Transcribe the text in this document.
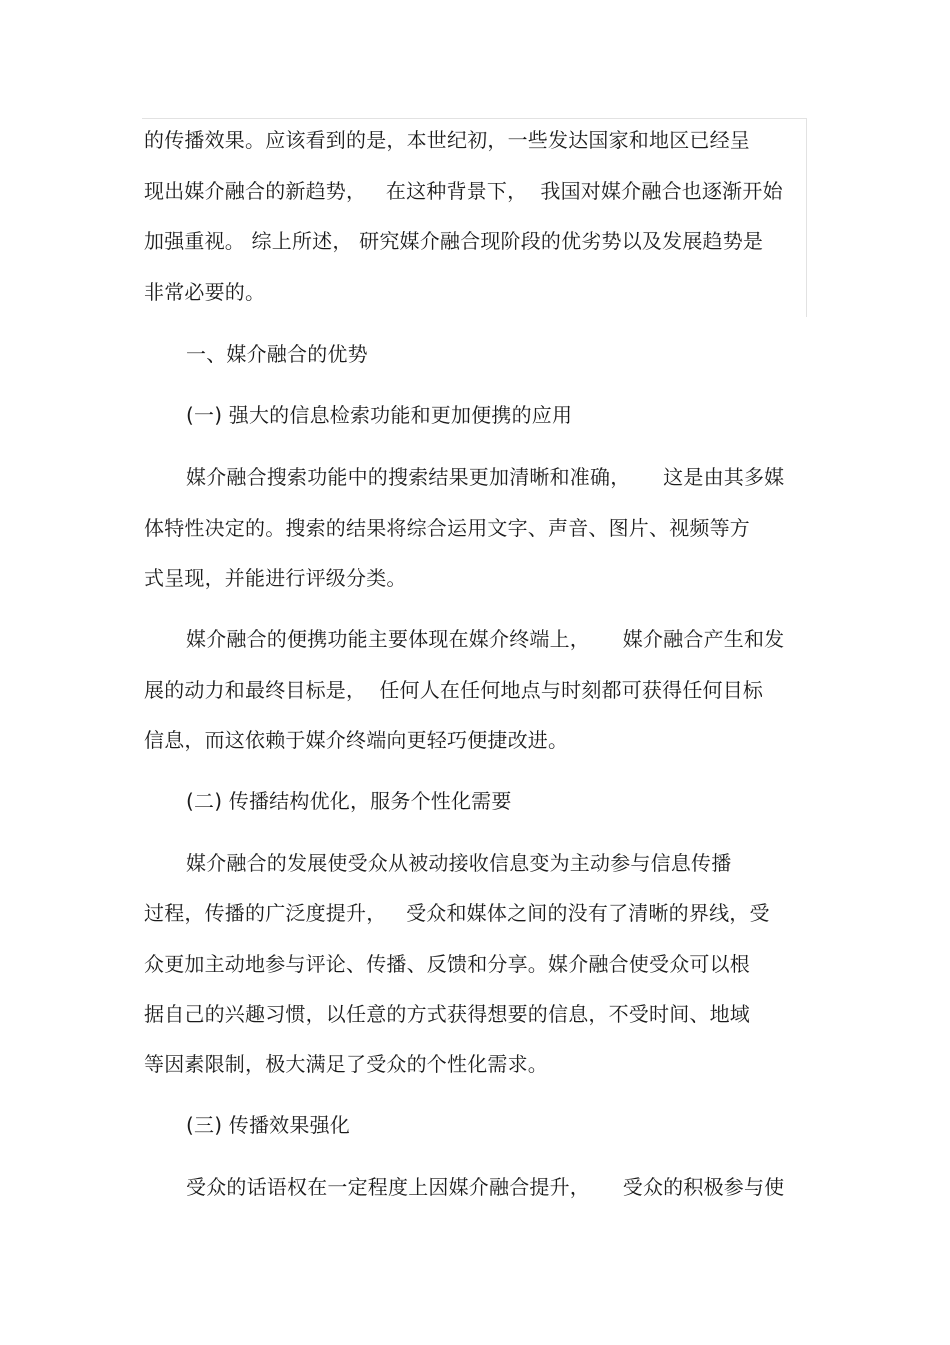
的传播效果。应该看到的是，本世纪初，一些发达国家和地区已经呈
现出媒介融合的新趋势，   在这种背景下，  我国对媒介融合也逐渐开始
加强重视。 综上所述， 研究媒介融合现阶段的优劣势以及发展趋势是
非常必要的。
一、媒介融合的优势
(一) 强大的信息检索功能和更加便携的应用
媒介融合搜索功能中的搜索结果更加清晰和准确，     这是由其多媒
体特性决定的。搜索的结果将综合运用文字、声音、图片、视频等方
式呈现，并能进行评级分类。
媒介融合的便携功能主要体现在媒介终端上，     媒介融合产生和发
展的动力和最终目标是，  任何人在任何地点与时刻都可获得任何目标
信息，而这依赖于媒介终端向更轻巧便捷改进。
(二) 传播结构优化，服务个性化需要
媒介融合的发展使受众从被动接收信息变为主动参与信息传播
过程，传播的广泛度提升，   受众和媒体之间的没有了清晰的界线，受
众更加主动地参与评论、传播、反馈和分享。媒介融合使受众可以根
据自己的兴趣习惯，以任意的方式获得想要的信息，不受时间、地域
等因素限制，极大满足了受众的个性化需求。
(三) 传播效果强化
受众的话语权在一定程度上因媒介融合提升，     受众的积极参与使
